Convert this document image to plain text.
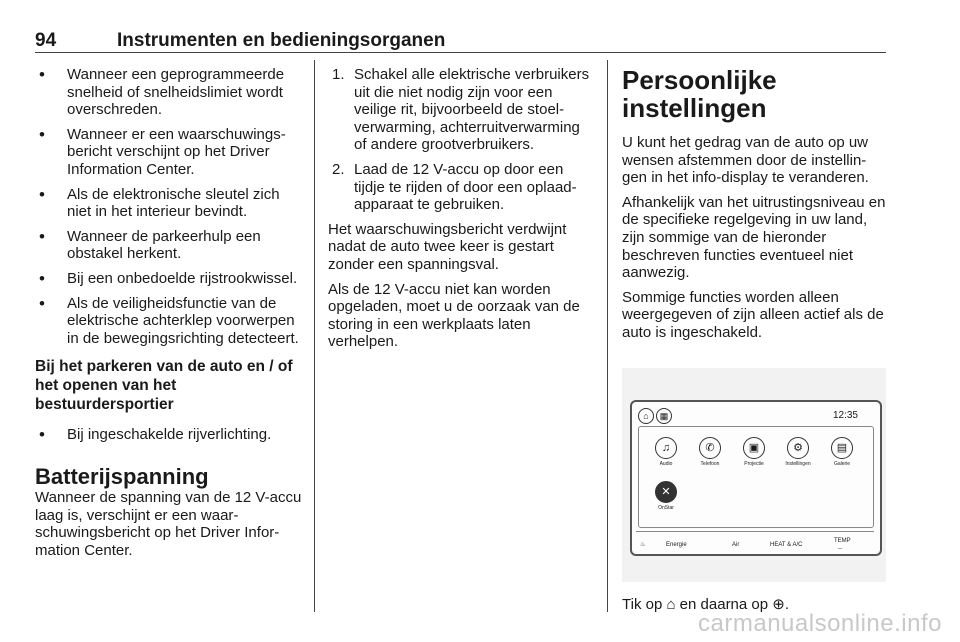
94	Instrumenten en bedieningsorganen
• Wanneer een geprogrammeerde snelheid of snelheidslimiet wordt overschreden.
• Wanneer er een waarschuwingsbericht verschijnt op het Driver Information Center.
• Als de elektronische sleutel zich niet in het interieur bevindt.
• Wanneer de parkeerhulp een obstakel herkent.
• Bij een onbedoelde rijstrookwissel.
• Als de veiligheidsfunctie van de elektrische achterklep voorwerpen in de bewegingsrichting detecteert.
Bij het parkeren van de auto en / of het openen van het bestuurdersportier
• Bij ingeschakelde rijverlichting.
Batterijspanning

Wanneer de spanning van de 12 V-accu laag is, verschijnt er een waarschuwingsbericht op het Driver Information Center.

1. Schakel alle elektrische verbruikers uit die niet nodig zijn voor een veilige rit, bijvoorbeeld de stoelverwarming, achterruitverwarming of andere grootverbruikers.
2. Laad de 12 V-accu op door een tijdje te rijden of door een oplaadapparaat te gebruiken.

Het waarschuwingsbericht verdwijnt nadat de auto twee keer is gestart zonder een spanningsval.

Als de 12 V-accu niet kan worden opgeladen, moet u de oorzaak van de storing in een werkplaats laten verhelpen.

Persoonlijke instellingen

U kunt het gedrag van de auto op uw wensen afstemmen door de instellingen in het info-display te veranderen.

Afhankelijk van het uitrustingsniveau en de specifieke regelgeving in uw land, zijn sommige van de hieronder beschreven functies eventueel niet aanwezig.

Sommige functies worden alleen weergegeven of zijn alleen actief als de auto is ingeschakeld.

⌂	▦	12:35
♫
Audio
✆
Telefoon
▣
Projectie
⚙
Instellingen
▤
Galerie
✕
OnStar
♨	Energie	Air	HEAT & A/C
TEMP
--

Tik op ⌂ en daarna op ⊕.

carmanualsonline.info
